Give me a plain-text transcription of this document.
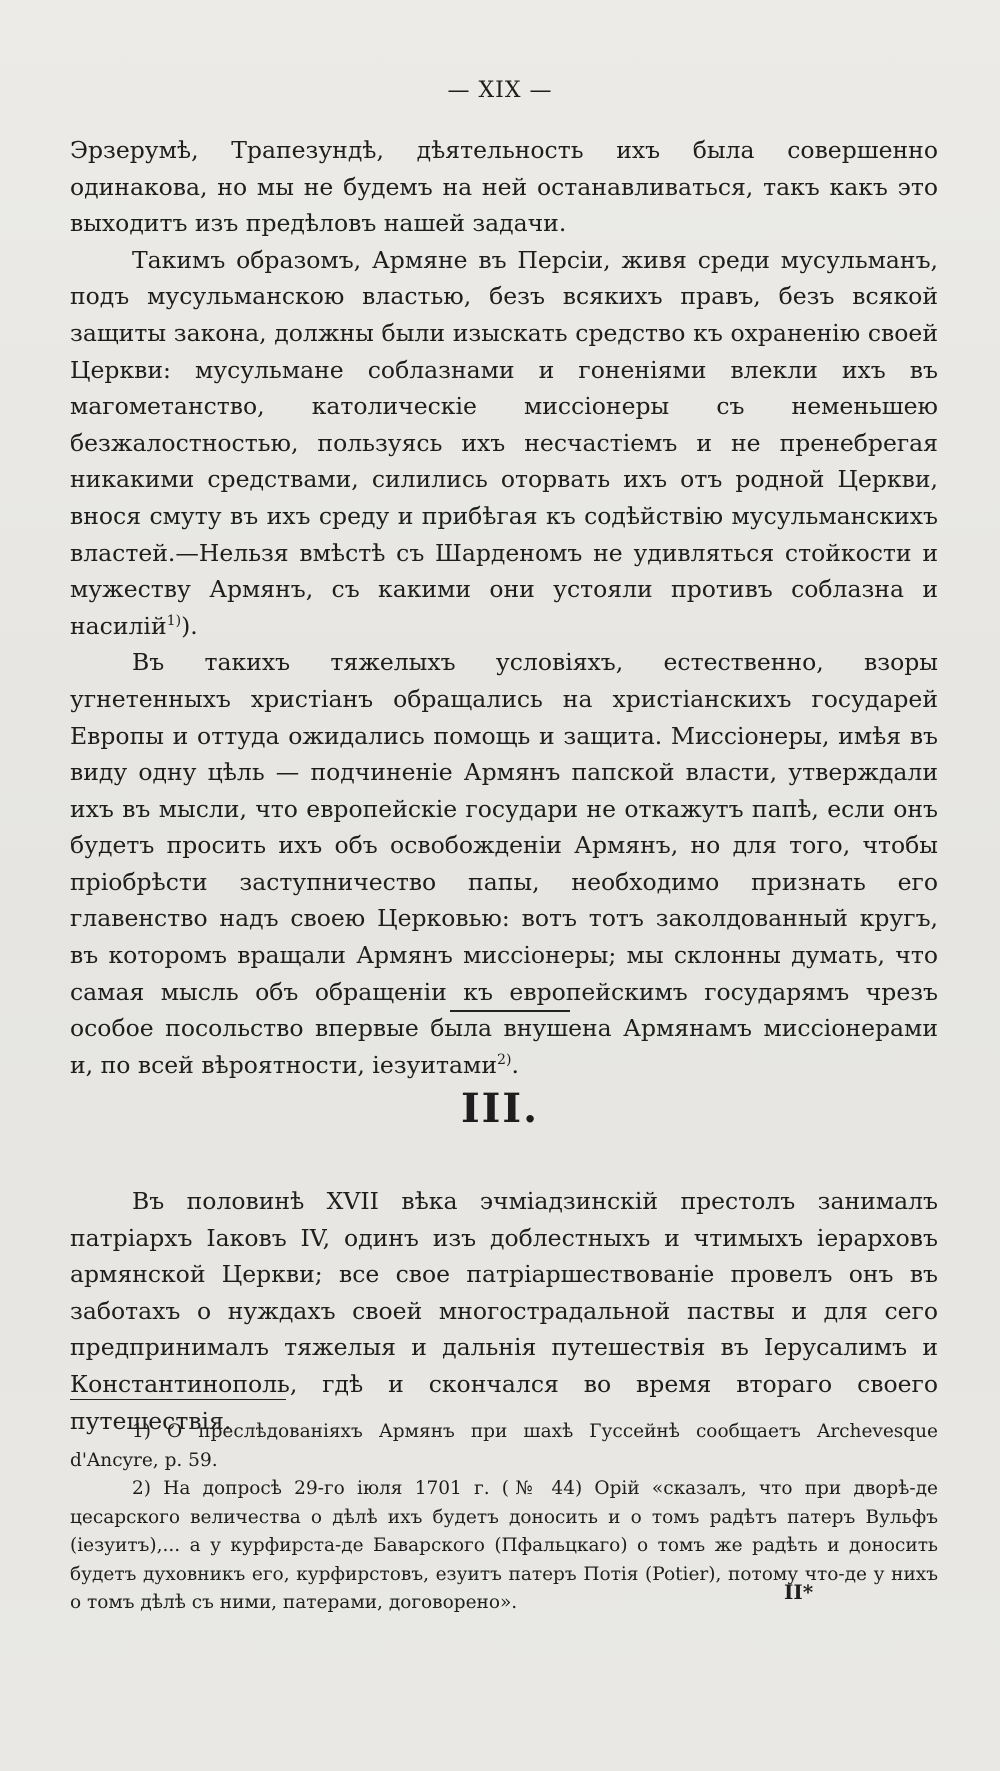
— XIX —

Эрзерумѣ, Трапезундѣ, дѣятельность ихъ была совершенно одинакова, но мы не будемъ на ней останавливаться, такъ какъ это выходитъ изъ предѣловъ нашей задачи.

Такимъ образомъ, Армяне въ Персіи, живя среди мусульманъ, подъ мусульманскою властью, безъ всякихъ правъ, безъ всякой защиты закона, должны были изыскать средство къ охраненію своей Церкви: мусульмане соблазнами и гоненіями влекли ихъ въ магометанство, католическіе миссіонеры съ неменьшею безжалостностью, пользуясь ихъ несчастіемъ и не пренебрегая никакими средствами, силились оторвать ихъ отъ родной Церкви, внося смуту въ ихъ среду и прибѣгая къ содѣйствію мусульманскихъ властей.—Нельзя вмѣстѣ съ Шарденомъ не удивляться стойкости и мужеству Армянъ, съ какими они устояли противъ соблазна и насилій$^{1)}$).

Въ такихъ тяжелыхъ условіяхъ, естественно, взоры угнетенныхъ христіанъ обращались на христіанскихъ государей Европы и оттуда ожидались помощь и защита. Миссіонеры, имѣя въ виду одну цѣль — подчиненіе Армянъ папской власти, утверждали ихъ въ мысли, что европейскіе государи не откажутъ папѣ, если онъ будетъ просить ихъ объ освобожденіи Армянъ, но для того, чтобы пріобрѣсти заступничество папы, необходимо признать его главенство надъ своею Церковью: вотъ тотъ заколдованный кругъ, въ которомъ вращали Армянъ миссіонеры; мы склонны думать, что самая мысль объ обращеніи къ европейскимъ государямъ чрезъ особое посольство впервые была внушена Армянамъ миссіонерами и, по всей вѣроятности, іезуитами$^{2)}$.

III.

Въ половинѣ XVII вѣка эчміадзинскій престолъ занималъ патріархъ Іаковъ IV, одинъ изъ доблестныхъ и чтимыхъ іерарховъ армянской Церкви; все свое патріаршествованіе провелъ онъ въ заботахъ о нуждахъ своей многострадальной паствы и для сего предпринималъ тяжелыя и дальнія путешествія въ Іерусалимъ и Константинополь, гдѣ и скончался во время втораго своего путешествія.

1) О преслѣдованіяхъ Армянъ при шахѣ Гуссейнѣ сообщаетъ Archevesque d'Ancyre, p. 59.

2) На допросѣ 29-го іюля 1701 г. (№ 44) Орій «сказалъ, что при дворѣ-де цесарского величества о дѣлѣ ихъ будетъ доносить и о томъ радѣтъ патеръ Вульфъ (іезуитъ),... а у курфирста-де Баварского (Пфальцкаго) о томъ же радѣть и доносить будетъ духовникъ его, курфирстовъ, езуитъ патеръ Потія (Potier), потому что-де у нихъ о томъ дѣлѣ съ ними, патерами, договорено».	II*
